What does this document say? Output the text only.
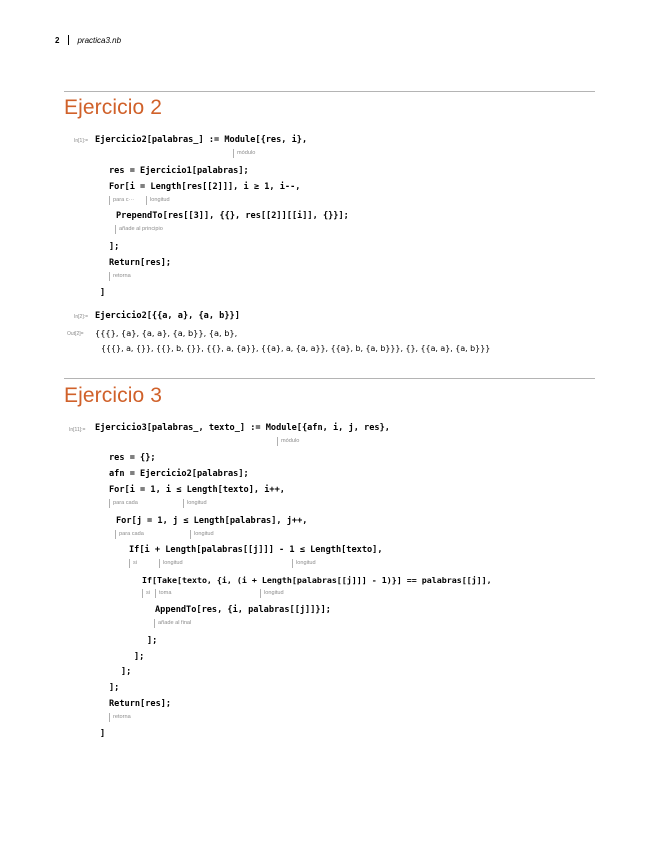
2 practica3.nb
Ejercicio 2
In[1]:= Ejercicio2[palabras_] := Module[{res, i},
módulo
res = Ejercicio1[palabras];
For[i = Length[res[[2]]], i ≥ 1, i--,
para c···	longitud
PrependTo[res[[3]], {{}, res[[2]][[i]], {}}];
añade al principio
];
Return[res];
retorna
]
In[2]:= Ejercicio2[{{a, a}, {a, b}}]
Out[2]= {{{}, {a}, {a, a}, {a, b}}, {a, b},
{{{}, a, {}}, {{}, b, {}}, {{}, a, {a}}, {{a}, a, {a, a}}, {{a}, b, {a, b}}}, {}, {{a, a}, {a, b}}}
Ejercicio 3
In[11]:= Ejercicio3[palabras_, texto_] := Module[{afn, i, j, res},
módulo
res = {};
afn = Ejercicio2[palabras];
For[i = 1, i ≤ Length[texto], i++,
para cada	longitud
For[j = 1, j ≤ Length[palabras], j++,
para cada	longitud
If[i + Length[palabras[[j]]] - 1 ≤ Length[texto],
si	longitud	longitud
If[Take[texto, {i, (i + Length[palabras[[j]]] - 1)}] == palabras[[j]],
si	toma	longitud
AppendTo[res, {i, palabras[[j]]}];
añade al final
];
];
];
];
Return[res];
retorna
]
